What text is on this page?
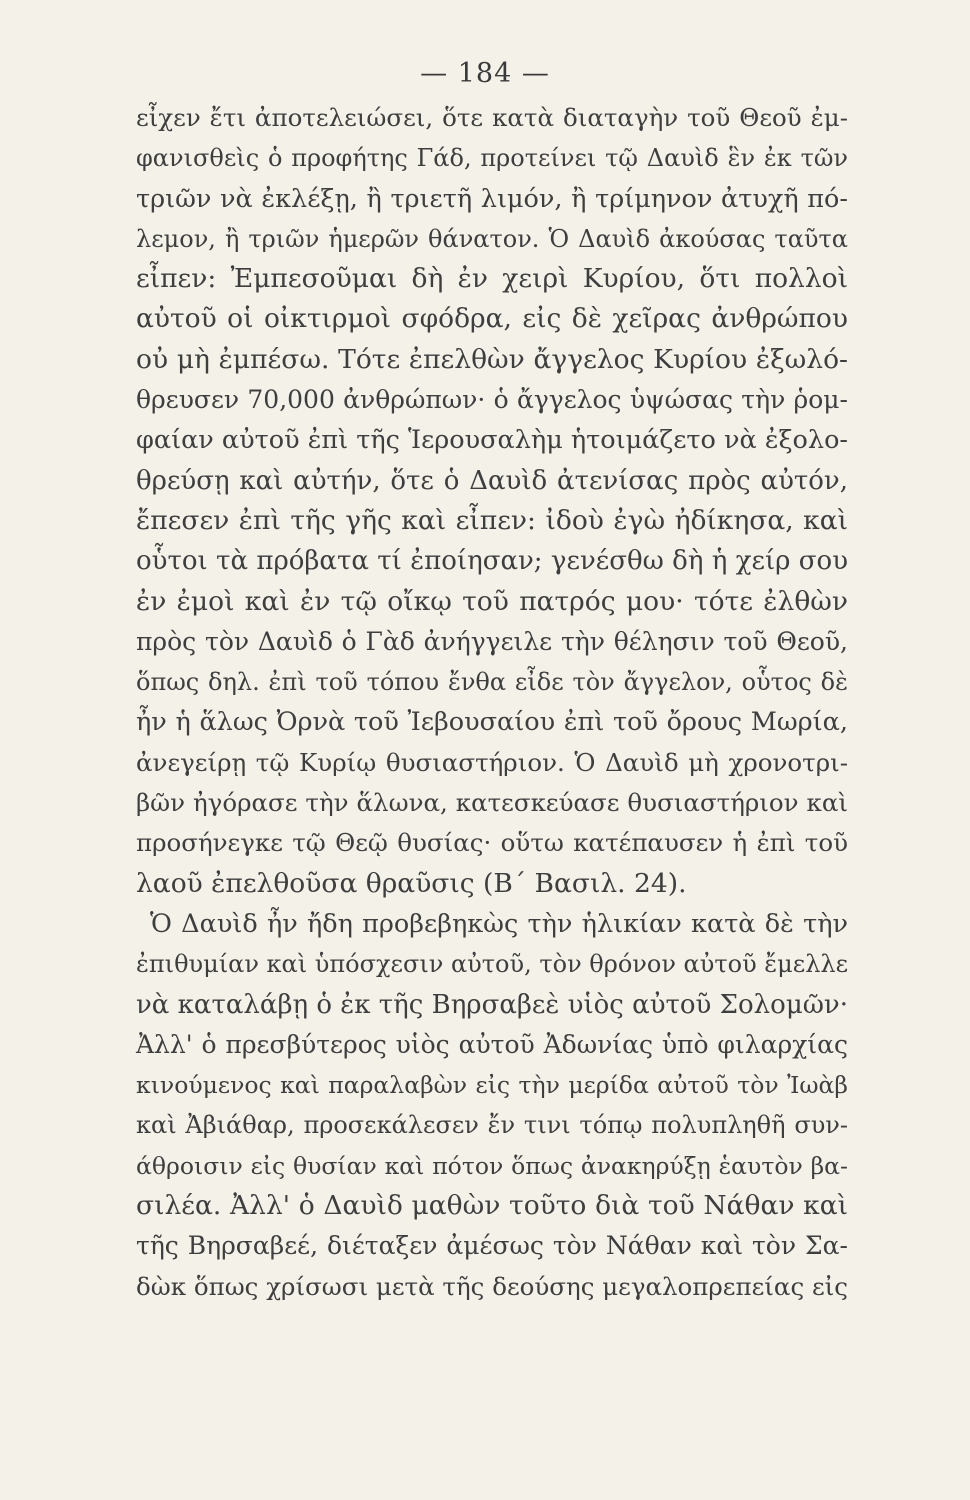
— 184 —
εἶχεν ἔτι ἀποτελειώσει, ὅτε κατὰ διαταγὴν τοῦ Θεοῦ ἐμ-
φανισθεὶς ὁ προφήτης Γάδ, προτείνει τῷ Δαυὶδ ἓν ἐκ τῶν
τριῶν νὰ ἐκλέξῃ, ἢ τριετῆ λιμόν, ἢ τρίμηνον ἀτυχῆ πό-
λεμον, ἢ τριῶν ἡμερῶν θάνατον. Ὁ Δαυὶδ ἀκούσας ταῦτα
εἶπεν: Ἐμπεσοῦμαι δὴ ἐν χειρὶ Κυρίου, ὅτι πολλοὶ
αὐτοῦ οἱ οἰκτιρμοὶ σφόδρα, εἰς δὲ χεῖρας ἀνθρώπου
οὐ μὴ ἐμπέσω. Τότε ἐπελθὼν ἄγγελος Κυρίου ἐξωλό-
θρευσεν 70,000 ἀνθρώπων· ὁ ἄγγελος ὑψώσας τὴν ῥομ-
φαίαν αὐτοῦ ἐπὶ τῆς Ἱερουσαλὴμ ἡτοιμάζετο νὰ ἐξολο-
θρεύσῃ καὶ αὐτήν, ὅτε ὁ Δαυὶδ ἀτενίσας πρὸς αὐτόν,
ἔπεσεν ἐπὶ τῆς γῆς καὶ εἶπεν: ἰδοὺ ἐγὼ ἠδίκησα, καὶ
οὗτοι τὰ πρόβατα τί ἐποίησαν; γενέσθω δὴ ἡ χείρ σου
ἐν ἐμοὶ καὶ ἐν τῷ οἴκῳ τοῦ πατρός μου· τότε ἐλθὼν
πρὸς τὸν Δαυὶδ ὁ Γὰδ ἀνήγγειλε τὴν θέλησιν τοῦ Θεοῦ,
ὅπως δηλ. ἐπὶ τοῦ τόπου ἔνθα εἶδε τὸν ἄγγελον, οὗτος δὲ
ἦν ἡ ἅλως Ὀρνὰ τοῦ Ἰεβουσαίου ἐπὶ τοῦ ὄρους Μωρία,
ἀνεγείρῃ τῷ Κυρίῳ θυσιαστήριον. Ὁ Δαυὶδ μὴ χρονοτρι-
βῶν ἠγόρασε τὴν ἅλωνα, κατεσκεύασε θυσιαστήριον καὶ
προσήνεγκε τῷ Θεῷ θυσίας· οὕτω κατέπαυσεν ἡ ἐπὶ τοῦ
λαοῦ ἐπελθοῦσα θραῦσις (Β΄ Βασιλ. 24).
Ὁ Δαυὶδ ἦν ἤδη προβεβηκὼς τὴν ἡλικίαν κατὰ δὲ τὴν
ἐπιθυμίαν καὶ ὑπόσχεσιν αὐτοῦ, τὸν θρόνον αὐτοῦ ἔμελλε
νὰ καταλάβῃ ὁ ἐκ τῆς Βηρσαβεὲ υἱὸς αὐτοῦ Σολομῶν·
Ἀλλ' ὁ πρεσβύτερος υἱὸς αὐτοῦ Ἀδωνίας ὑπὸ φιλαρχίας
κινούμενος καὶ παραλαβὼν εἰς τὴν μερίδα αὐτοῦ τὸν Ἰωὰβ
καὶ Ἀβιάθαρ, προσεκάλεσεν ἔν τινι τόπῳ πολυπληθῆ συν-
άθροισιν εἰς θυσίαν καὶ πότον ὅπως ἀνακηρύξῃ ἑαυτὸν βα-
σιλέα. Ἀλλ' ὁ Δαυὶδ μαθὼν τοῦτο διὰ τοῦ Νάθαν καὶ
τῆς Βηρσαβεέ, διέταξεν ἀμέσως τὸν Νάθαν καὶ τὸν Σα-
δὼκ ὅπως χρίσωσι μετὰ τῆς δεούσης μεγαλοπρεπείας εἰς
